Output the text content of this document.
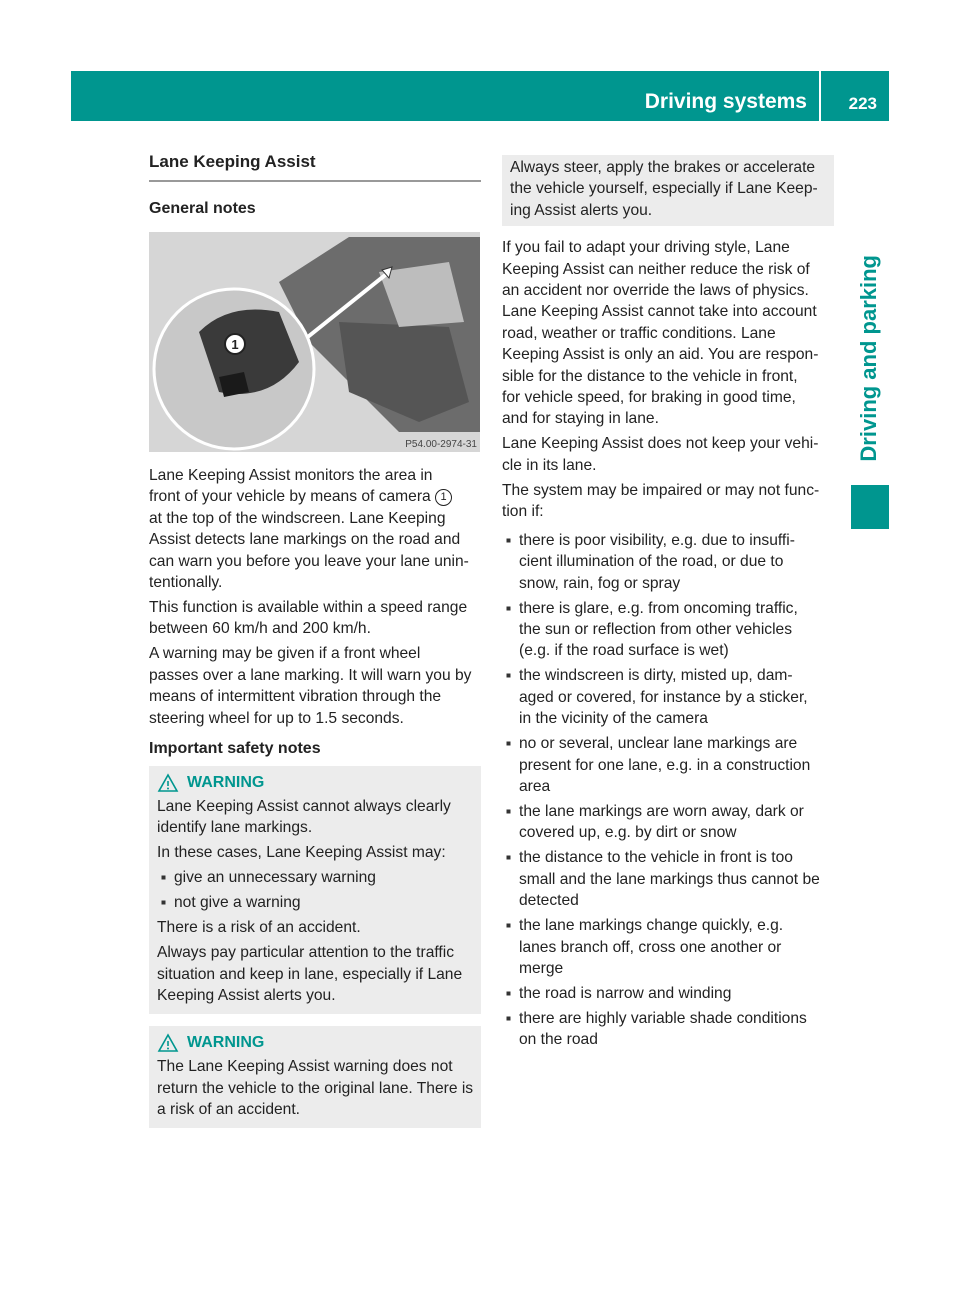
Driving systems	223
Driving and parking
Lane Keeping Assist
General notes
1
P54.00-2974-31
Lane Keeping Assist monitors the area in
front of your vehicle by means of camera 1
at the top of the windscreen. Lane Keeping
Assist detects lane markings on the road and
can warn you before you leave your lane unin-
tentionally.
This function is available within a speed range
between 60 km/h and 200 km/h.
A warning may be given if a front wheel
passes over a lane marking. It will warn you by
means of intermittent vibration through the
steering wheel for up to 1.5 seconds.
Important safety notes
WARNING
Lane Keeping Assist cannot always clearly
identify lane markings.
In these cases, Lane Keeping Assist may:
give an unnecessary warning
not give a warning
There is a risk of an accident.
Always pay particular attention to the traffic
situation and keep in lane, especially if Lane
Keeping Assist alerts you.
WARNING
The Lane Keeping Assist warning does not
return the vehicle to the original lane. There is
a risk of an accident.
Always steer, apply the brakes or accelerate
the vehicle yourself, especially if Lane Keep-
ing Assist alerts you.
If you fail to adapt your driving style, Lane
Keeping Assist can neither reduce the risk of
an accident nor override the laws of physics.
Lane Keeping Assist cannot take into account
road, weather or traffic conditions. Lane
Keeping Assist is only an aid. You are respon-
sible for the distance to the vehicle in front,
for vehicle speed, for braking in good time,
and for staying in lane.
Lane Keeping Assist does not keep your vehi-
cle in its lane.
The system may be impaired or may not func-
tion if:
there is poor visibility, e.g. due to insuffi-
cient illumination of the road, or due to
snow, rain, fog or spray
there is glare, e.g. from oncoming traffic,
the sun or reflection from other vehicles
(e.g. if the road surface is wet)
the windscreen is dirty, misted up, dam-
aged or covered, for instance by a sticker,
in the vicinity of the camera
no or several, unclear lane markings are
present for one lane, e.g. in a construction
area
the lane markings are worn away, dark or
covered up, e.g. by dirt or snow
the distance to the vehicle in front is too
small and the lane markings thus cannot be
detected
the lane markings change quickly, e.g.
lanes branch off, cross one another or
merge
the road is narrow and winding
there are highly variable shade conditions
on the road
